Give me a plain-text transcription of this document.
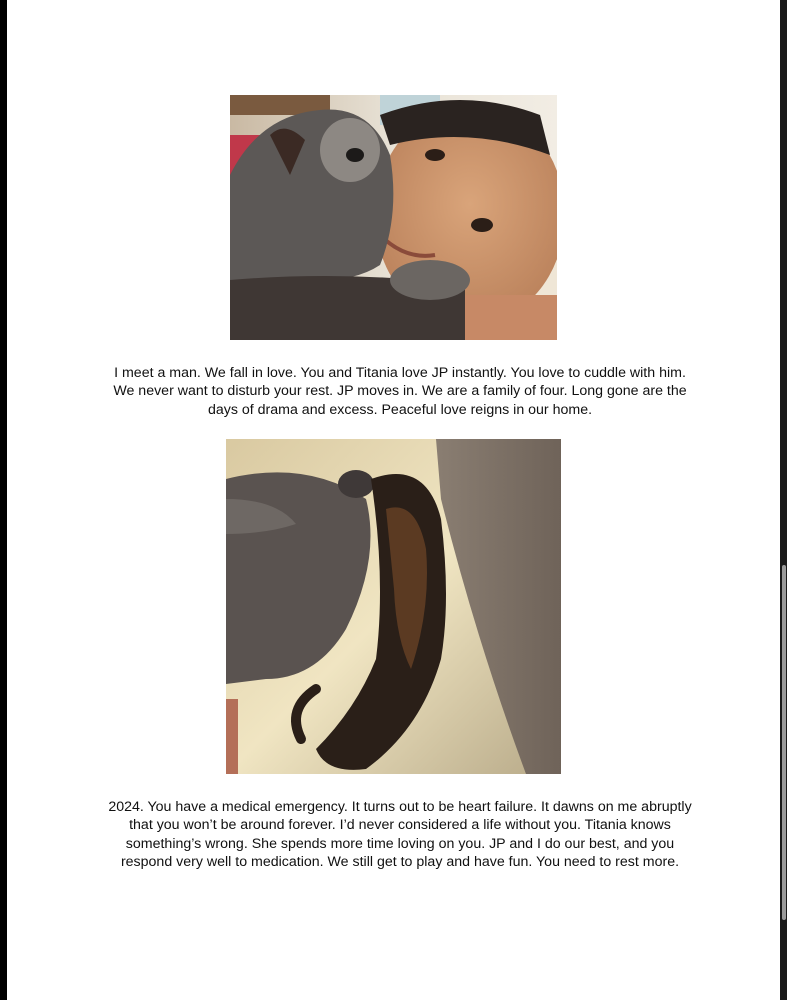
I meet a man. We fall in love. You and Titania love JP instantly. You love to cuddle with him.

We never want to disturb your rest. JP moves in. We are a family of four. Long gone are the

days of drama and excess. Peaceful love reigns in our home.

2024. You have a medical emergency. It turns out to be heart failure. It dawns on me abruptly

that you won’t be around forever. I’d never considered a life without you. Titania knows

something’s wrong. She spends more time loving on you. JP and I do our best, and you

respond very well to medication. We still get to play and have fun. You need to rest more.
